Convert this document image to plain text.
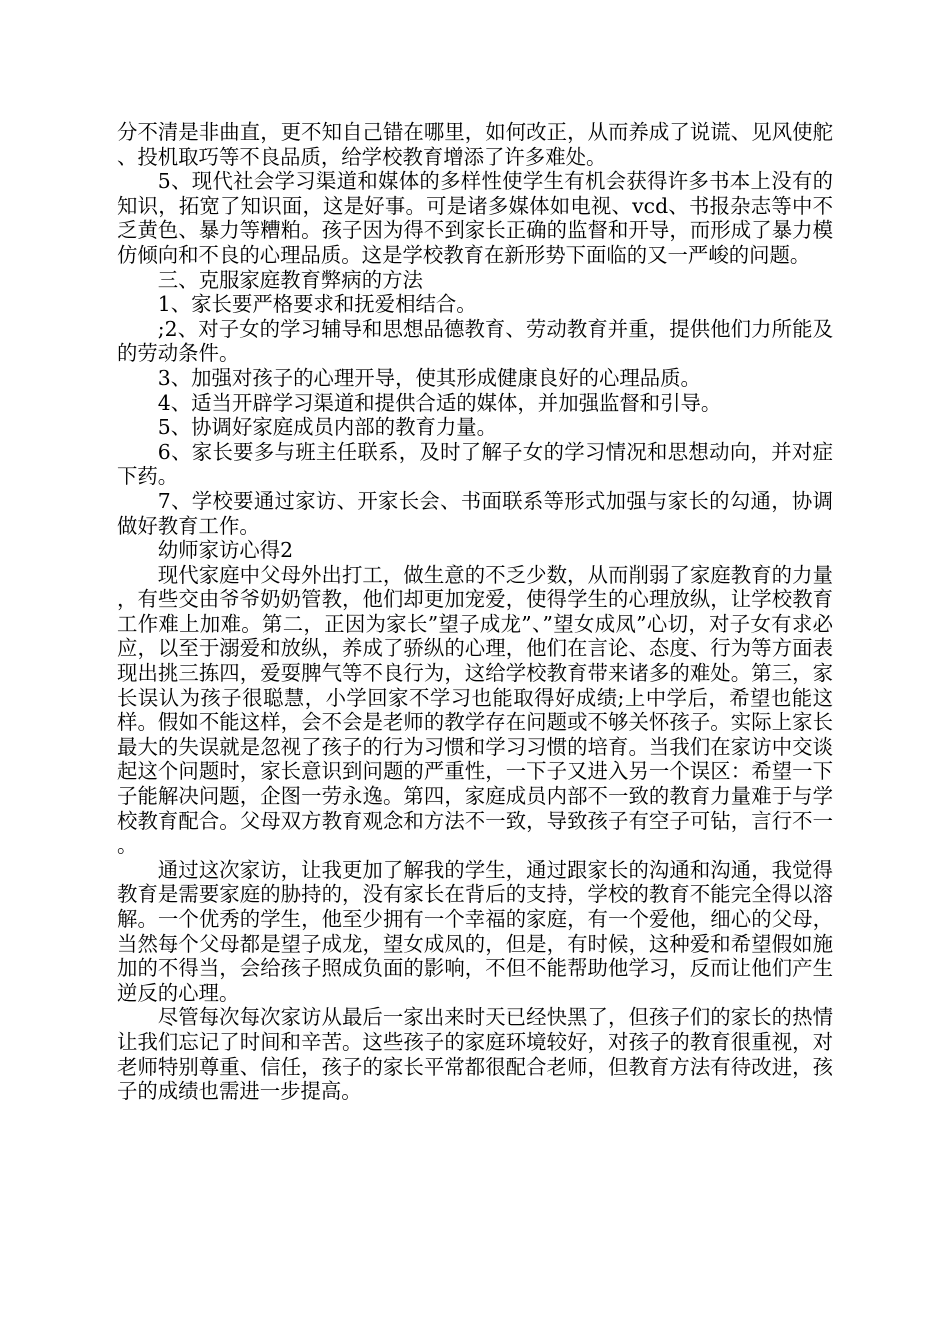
分不清是非曲直，更不知自己错在哪里，如何改正，从而养成了说谎、见风使舵、投机取巧等不良品质，给学校教育增添了许多难处。

5、现代社会学习渠道和媒体的多样性使学生有机会获得许多书本上没有的知识，拓宽了知识面，这是好事。可是诸多媒体如电视、vcd、书报杂志等中不乏黄色、暴力等糟粕。孩子因为得不到家长正确的监督和开导，而形成了暴力模仿倾向和不良的心理品质。这是学校教育在新形势下面临的又一严峻的问题。

三、克服家庭教育弊病的方法

1、家长要严格要求和抚爱相结合。

;2、对子女的学习辅导和思想品德教育、劳动教育并重，提供他们力所能及的劳动条件。

3、加强对孩子的心理开导，使其形成健康良好的心理品质。

4、适当开辟学习渠道和提供合适的媒体，并加强监督和引导。

5、协调好家庭成员内部的教育力量。

6、家长要多与班主任联系，及时了解子女的学习情况和思想动向，并对症下药。

7、学校要通过家访、开家长会、书面联系等形式加强与家长的勾通，协调做好教育工作。

幼师家访心得2

现代家庭中父母外出打工，做生意的不乏少数，从而削弱了家庭教育的力量，有些交由爷爷奶奶管教，他们却更加宠爱，使得学生的心理放纵，让学校教育工作难上加难。第二，正因为家长”望子成龙”、”望女成凤”心切，对子女有求必应，以至于溺爱和放纵，养成了骄纵的心理，他们在言论、态度、行为等方面表现出挑三拣四，爱耍脾气等不良行为，这给学校教育带来诸多的难处。第三，家长误认为孩子很聪慧，小学回家不学习也能取得好成绩;上中学后，希望也能这样。假如不能这样，会不会是老师的教学存在问题或不够关怀孩子。实际上家长最大的失误就是忽视了孩子的行为习惯和学习习惯的培育。当我们在家访中交谈起这个问题时，家长意识到问题的严重性，一下子又进入另一个误区：希望一下子能解决问题，企图一劳永逸。第四，家庭成员内部不一致的教育力量难于与学校教育配合。父母双方教育观念和方法不一致，导致孩子有空子可钻，言行不一。

通过这次家访，让我更加了解我的学生，通过跟家长的沟通和沟通，我觉得教育是需要家庭的胁持的，没有家长在背后的支持，学校的教育不能完全得以溶解。一个优秀的学生，他至少拥有一个幸福的家庭，有一个爱他，细心的父母，当然每个父母都是望子成龙，望女成凤的，但是，有时候，这种爱和希望假如施加的不得当，会给孩子照成负面的影响，不但不能帮助他学习，反而让他们产生逆反的心理。

尽管每次每次家访从最后一家出来时天已经快黑了，但孩子们的家长的热情让我们忘记了时间和辛苦。这些孩子的家庭环境较好，对孩子的教育很重视，对老师特别尊重、信任，孩子的家长平常都很配合老师，但教育方法有待改进，孩子的成绩也需进一步提高。
